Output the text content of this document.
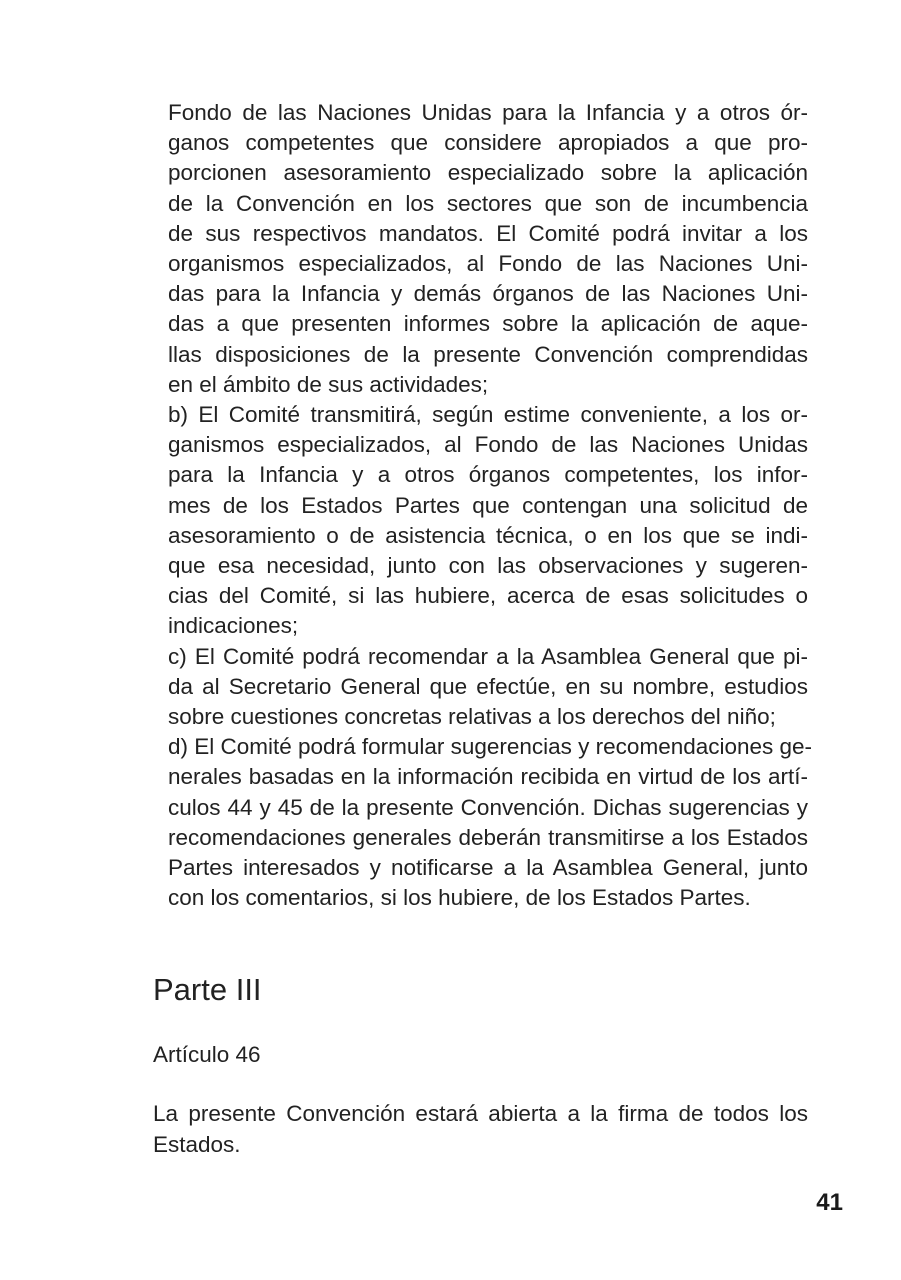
Fondo de las Naciones Unidas para la Infancia y a otros ór-
ganos competentes que considere apropiados a que pro-
porcionen asesoramiento especializado sobre la aplicación
de la Convención en los sectores que son de incumbencia
de sus respectivos mandatos. El Comité podrá invitar a los
organismos especializados, al Fondo de las Naciones Uni-
das para la Infancia y demás órganos de las Naciones Uni-
das a que presenten informes sobre la aplicación de aque-
llas disposiciones de la presente Convención comprendidas
en el ámbito de sus actividades;
b) El Comité transmitirá, según estime conveniente, a los or-
ganismos especializados, al Fondo de las Naciones Unidas
para la Infancia y a otros órganos competentes, los infor-
mes de los Estados Partes que contengan una solicitud de
asesoramiento o de asistencia técnica, o en los que se indi-
que esa necesidad, junto con las observaciones y sugeren-
cias del Comité, si las hubiere, acerca de esas solicitudes o
indicaciones;
c) El Comité podrá recomendar a la Asamblea General que pi-
da al Secretario General que efectúe, en su nombre, estudios
sobre cuestiones concretas relativas a los derechos del niño;
d) El Comité podrá formular sugerencias y recomendaciones ge-
nerales basadas en la información recibida en virtud de los artí-
culos 44 y 45 de la presente Convención. Dichas sugerencias y
recomendaciones generales deberán transmitirse a los Estados
Partes interesados y notificarse a la Asamblea General, junto
con los comentarios, si los hubiere, de los Estados Partes.
Parte III
Artículo 46
La presente Convención estará abierta a la firma de todos los
Estados.
41
